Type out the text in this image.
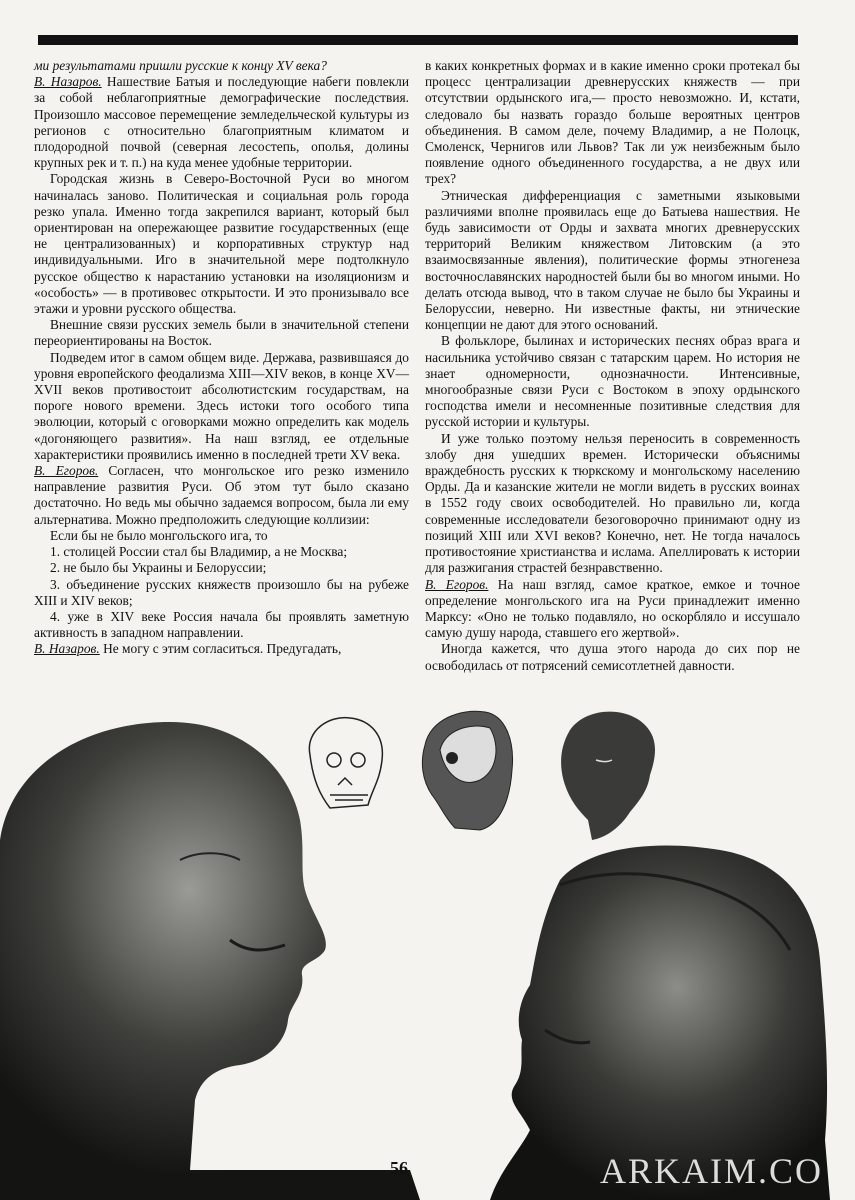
ми результатами пришли русские к концу XV века?

В. Назаров. Нашествие Батыя и последующие набеги повлекли за собой неблагоприятные демографические последствия. Произошло массовое перемещение земледельческой культуры из регионов с относительно благоприятным климатом и плодородной почвой (северная лесостепь, ополья, долины крупных рек и т. п.) на куда менее удобные территории.

Городская жизнь в Северо-Восточной Руси во многом начиналась заново. Политическая и социальная роль города резко упала. Именно тогда закрепился вариант, который был ориентирован на опережающее развитие государственных (еще не централизованных) и корпоративных структур над индивидуальными. Иго в значительной мере подтолкнуло русское общество к нарастанию установки на изоляционизм и «особость» — в противовес открытости. И это пронизывало все этажи и уровни русского общества.

Внешние связи русских земель были в значительной степени переориентированы на Восток.

Подведем итог в самом общем виде. Держава, развившаяся до уровня европейского феодализма XIII—XIV веков, в конце XV—XVII веков противостоит абсолютистским государствам, на пороге нового времени. Здесь истоки того особого типа эволюции, который с оговорками можно определить как модель «догоняющего развития». На наш взгляд, ее отдельные характеристики проявились именно в последней трети XV века.

В. Егоров. Согласен, что монгольское иго резко изменило направление развития Руси. Об этом тут было сказано достаточно. Но ведь мы обычно задаемся вопросом, была ли ему альтернатива. Можно предположить следующие коллизии:

Если бы не было монгольского ига, то

1. столицей России стал бы Владимир, а не Москва;

2. не было бы Украины и Белоруссии;

3. объединение русских княжеств произошло бы на рубеже XIII и XIV веков;

4. уже в XIV веке Россия начала бы проявлять заметную активность в западном направлении.

В. Назаров. Не могу с этим согласиться. Предугадать,

в каких конкретных формах и в какие именно сроки протекал бы процесс централизации древнерусских княжеств — при отсутствии ордынского ига,— просто невозможно. И, кстати, следовало бы назвать гораздо больше вероятных центров объединения. В самом деле, почему Владимир, а не Полоцк, Смоленск, Чернигов или Львов? Так ли уж неизбежным было появление одного объединенного государства, а не двух или трех?

Этническая дифференциация с заметными языковыми различиями вполне проявилась еще до Батыева нашествия. Не будь зависимости от Орды и захвата многих древнерусских территорий Великим княжеством Литовским (а это взаимосвязанные явления), политические формы этногенеза восточнославянских народностей были бы во многом иными. Но делать отсюда вывод, что в таком случае не было бы Украины и Белоруссии, неверно. Ни известные факты, ни этнические концепции не дают для этого оснований.

В фольклоре, былинах и исторических песнях образ врага и насильника устойчиво связан с татарским царем. Но история не знает одномерности, однозначности. Интенсивные, многообразные связи Руси с Востоком в эпоху ордынского господства имели и несомненные позитивные следствия для русской истории и культуры.

И уже только поэтому нельзя переносить в современность злобу дня ушедших времен. Исторически объяснимы враждебность русских к тюркскому и монгольскому населению Орды. Да и казанские жители не могли видеть в русских воинах в 1552 году своих освободителей. Но правильно ли, когда современные исследователи безоговорочно принимают одну из позиций XIII или XVI веков? Конечно, нет. Не тогда началось противостояние христианства и ислама. Апеллировать к истории для разжигания страстей безнравственно.

В. Егоров. На наш взгляд, самое краткое, емкое и точное определение монгольского ига на Руси принадлежит именно Марксу: «Оно не только подавляло, но оскорбляло и иссушало самую душу народа, ставшего его жертвой».

Иногда кажется, что душа этого народа до сих пор не освободилась от потрясений семисотлетней давности.

56	ARKAIM.CO
